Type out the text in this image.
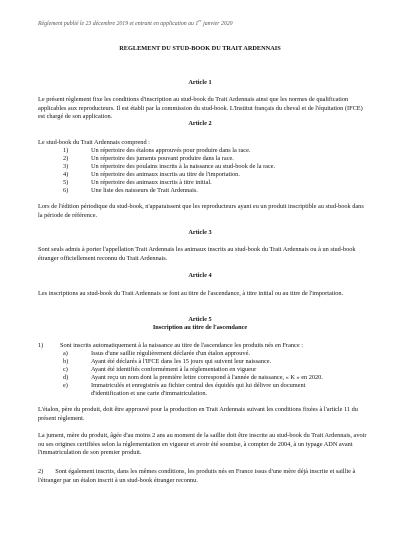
Règlement publié le 23 décembre 2019 et entrant en application au 1er janvier 2020
REGLEMENT DU STUD-BOOK DU TRAIT ARDENNAIS
Article 1
Le présent règlement fixe les conditions d'inscription au stud-book du Trait Ardennais ainsi que les normes de qualification applicables aux reproducteurs. Il est établi par la commission du stud-book. L'Institut français du cheval et de l'équitation (IFCE) est chargé de son application.
Article 2
Le stud-book du Trait Ardennais comprend :
1)	Un répertoire des étalons approuvés pour produire dans la race.
2)	Un répertoire des juments pouvant produire dans la race.
3)	Un répertoire des poulains inscrits à la naissance au stud-book de la race.
4)	Un répertoire des animaux inscrits au titre de l'importation.
5)	Un répertoire des animaux inscrits à titre initial.
6)	Une liste des naisseurs de Trait Ardennais.
Lors de l'édition périodique du stud-book, n'apparaissent que les reproducteurs ayant eu un produit inscriptible au stud-book dans la période de référence.
Article 3
Sont seuls admis à porter l'appellation Trait Ardennais les animaux inscrits au stud-book du Trait Ardennais ou à un stud-book étranger officiellement reconnu du Trait Ardennais.
Article 4
Les inscriptions au stud-book du Trait Ardennais se font au titre de l'ascendance, à titre initial ou au titre de l'importation.
Article 5
Inscription au titre de l'ascendance
1)	Sont inscrits automatiquement à la naissance au titre de l'ascendance les produits nés en France :
a)	Issus d'une saillie régulièrement déclarée d'un étalon approuvé.
b)	Ayant été déclarés à l'IFCE dans les 15 jours qui suivent leur naissance.
c)	Ayant été identifiés conformément à la réglementation en vigueur
d)	Ayant reçu un nom dont la première lettre correspond à l'année de naissance, « K » en 2020.
e)	Immatriculés et enregistrés au fichier central des équidés qui lui délivre un document
d'identification et une carte d'immatriculation.
L'étalon, père du produit, doit être approuvé pour la production en Trait Ardennais suivant les conditions fixées à l'article 11 du présent règlement.
La jument, mère du produit, âgée d'au moins 2 ans au moment de la saillie doit être inscrite au stud-book du Trait Ardennais, avoir ou ses origines certifiées selon la réglementation en vigueur et avoir été soumise, à compter de 2004, à un typage ADN avant l'immatriculation de son premier produit.
2) Sont également inscrits, dans les mêmes conditions, les produits nés en France issus d'une mère déjà inscrite et saillie à l'étranger par un étalon inscrit à un stud-book étranger reconnu.
